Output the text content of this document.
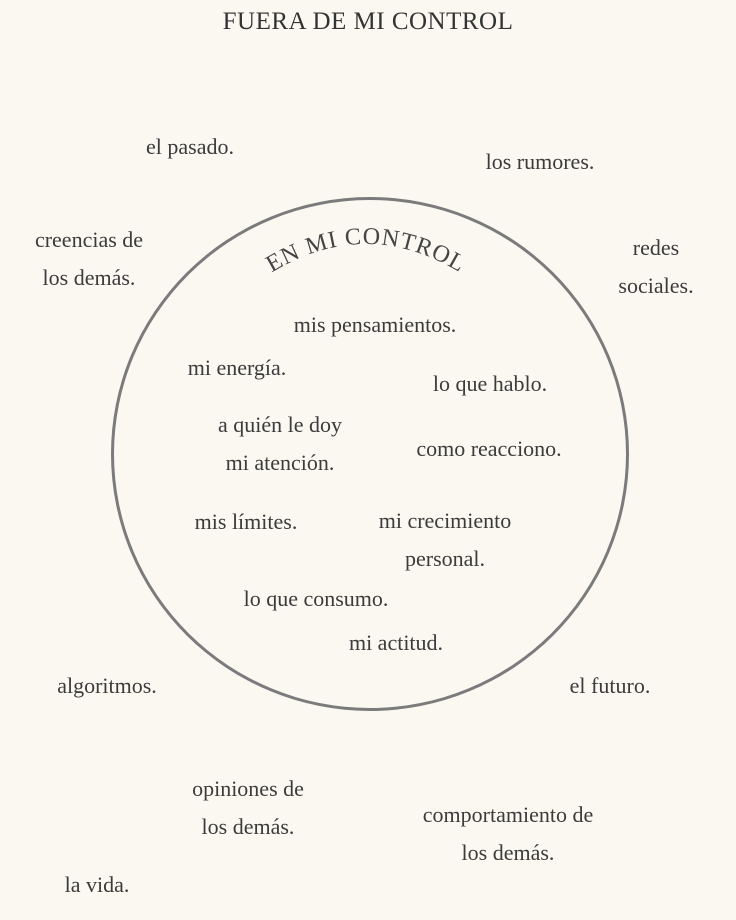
FUERA DE MI CONTROL
EN MI CONTROL
el pasado.
los rumores.
creencias de
los demás.
redes
sociales.
algoritmos.	el futuro.
opiniones de
los demás.	comportamiento de
los demás.
la vida.
mis pensamientos.
mi energía.
lo que hablo.
a quién le doy
mi atención.
como reacciono.
mis límites.	mi crecimiento
personal.
lo que consumo.
mi actitud.
